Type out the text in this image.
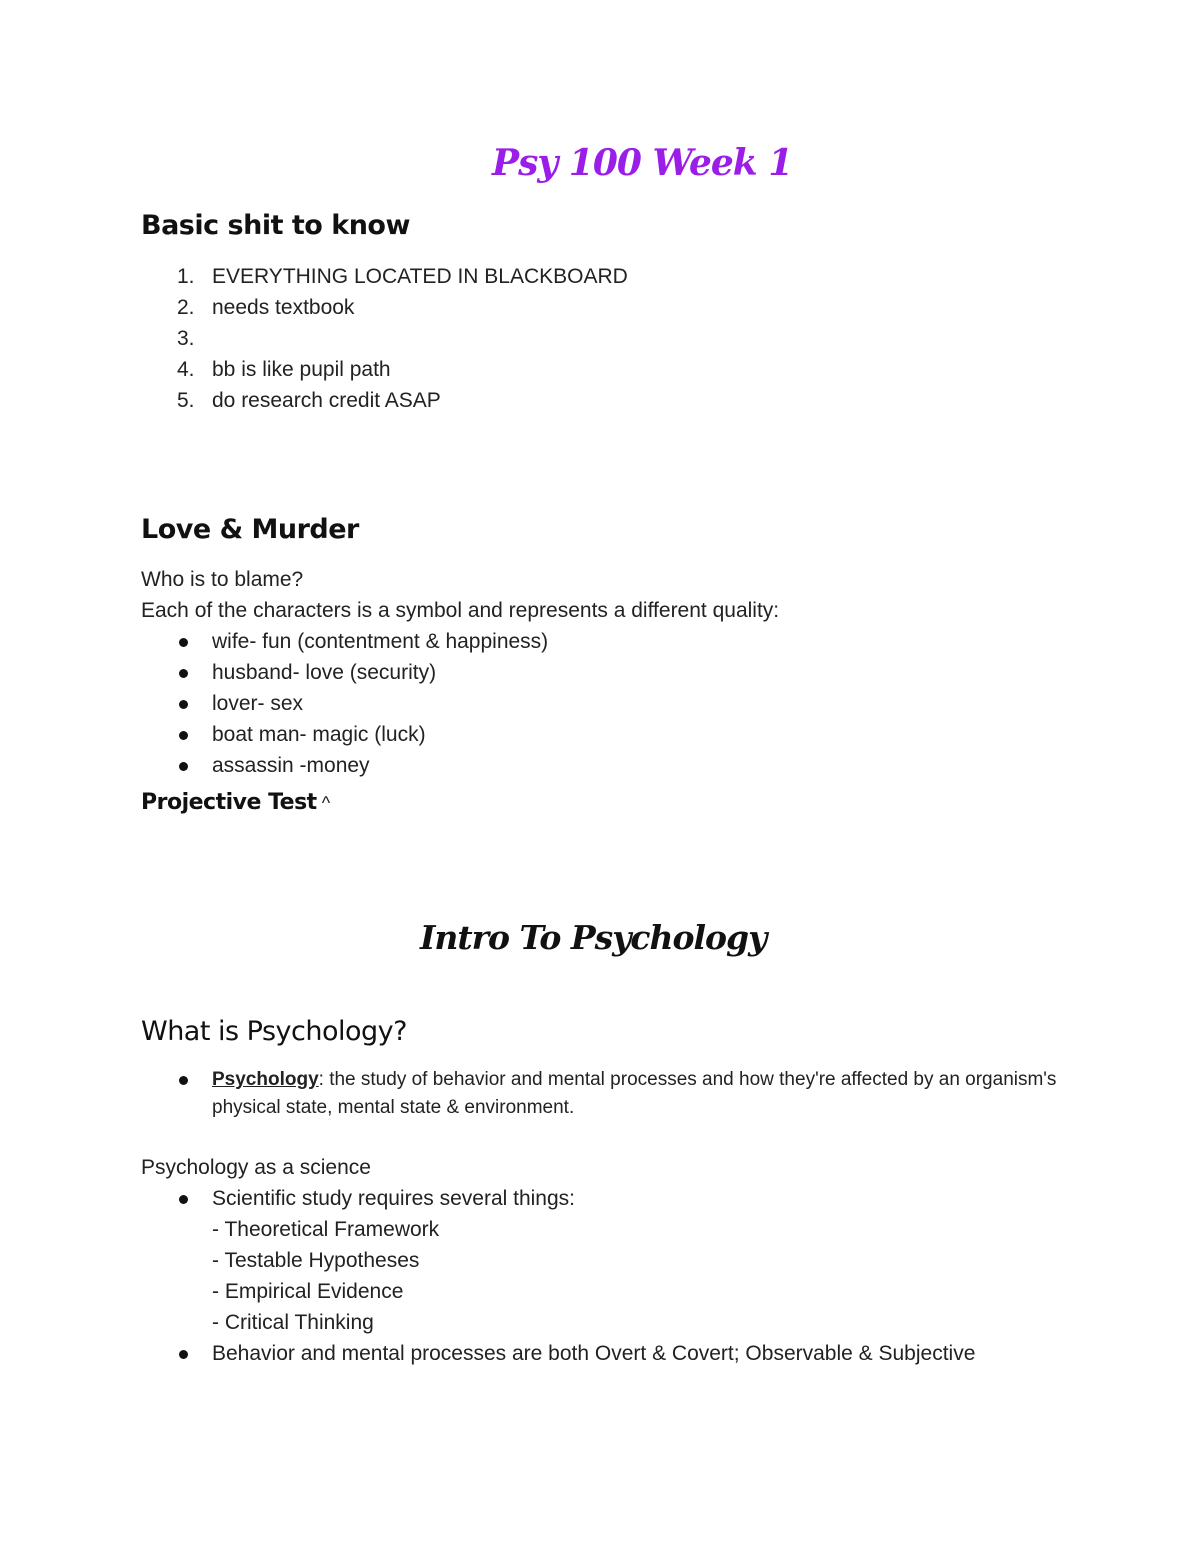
Psy 100 Week 1
Basic shit to know
1. EVERYTHING LOCATED IN BLACKBOARD
2. needs textbook
3.
4. bb is like pupil path
5. do research credit ASAP
Love & Murder
Who is to blame?
Each of the characters is a symbol and represents a different quality:
wife- fun (contentment & happiness)
husband- love (security)
lover- sex
boat man- magic (luck)
assassin -money
Projective Test ^
Intro To Psychology
What is Psychology?
Psychology: the study of behavior and mental processes and how they're affected by an organism's physical state, mental state & environment.
Psychology as a science
Scientific study requires several things:
- Theoretical Framework
- Testable Hypotheses
- Empirical Evidence
- Critical Thinking
Behavior and mental processes are both Overt & Covert; Observable & Subjective
